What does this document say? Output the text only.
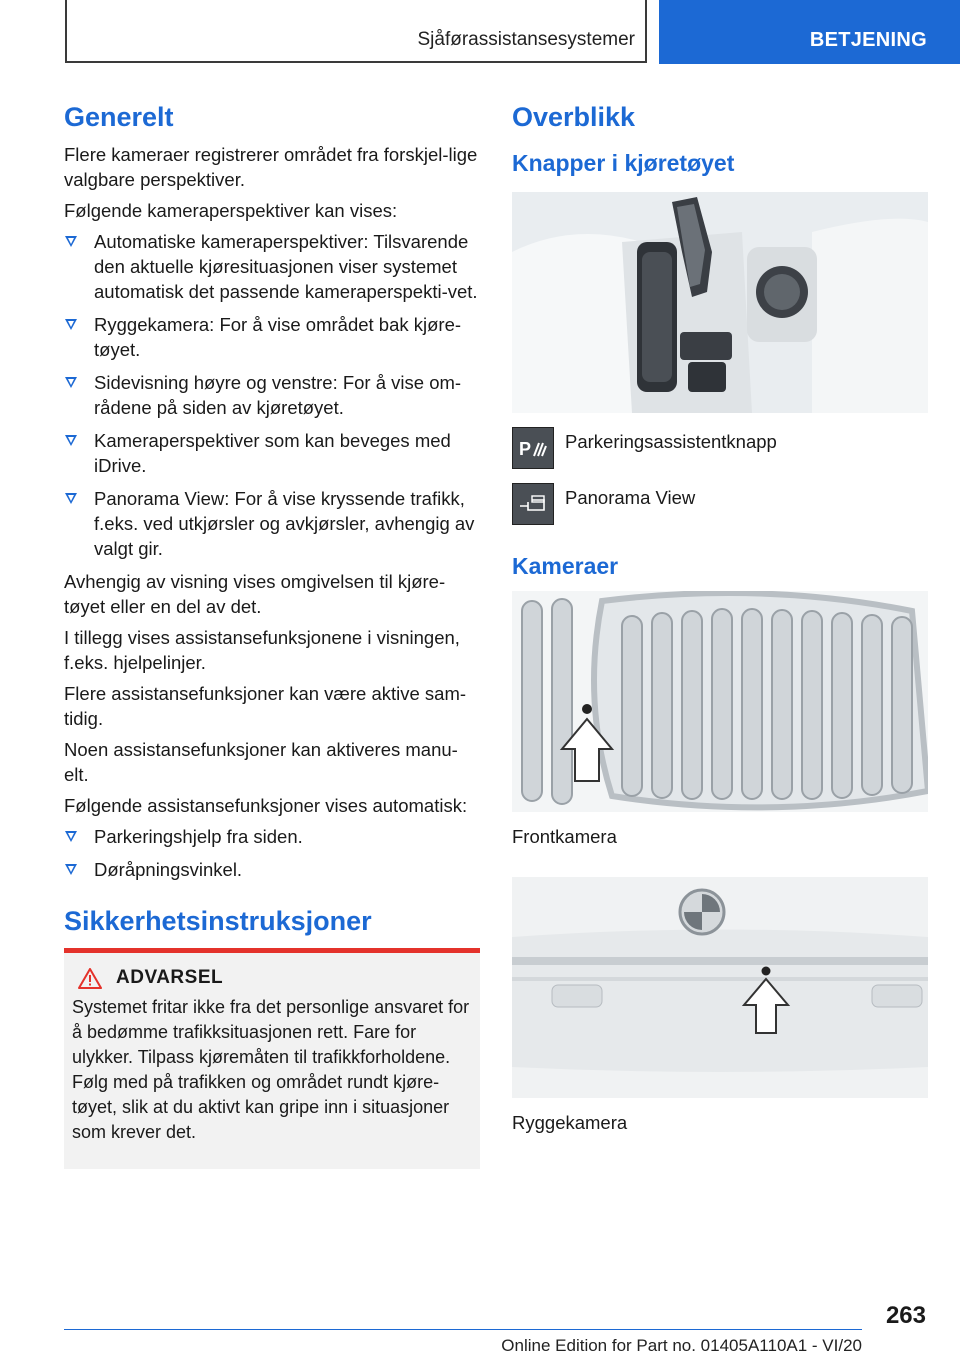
Sjåførassistansesystemer	BETJENING
Generelt

Flere kameraer registrerer området fra forskjel-lige valgbare perspektiver.

Følgende kameraperspektiver kan vises:

Automatiske kameraperspektiver: Tilsvarende den aktuelle kjøresituasjonen viser systemet automatisk det passende kameraperspekti-vet.
Ryggekamera: For å vise området bak kjøre-tøyet.
Sidevisning høyre og venstre: For å vise om-rådene på siden av kjøretøyet.
Kameraperspektiver som kan beveges med iDrive.
Panorama View: For å vise kryssende trafikk, f.eks. ved utkjørsler og avkjørsler, avhengig av valgt gir.

Avhengig av visning vises omgivelsen til kjøre-tøyet eller en del av det.

I tillegg vises assistansefunksjonene i visningen, f.eks. hjelpelinjer.

Flere assistansefunksjoner kan være aktive sam-tidig.

Noen assistansefunksjoner kan aktiveres manu-elt.

Følgende assistansefunksjoner vises automatisk:

Parkeringshjelp fra siden.
Døråpningsvinkel.
Sikkerhetsinstruksjoner
ADVARSEL

Systemet fritar ikke fra det personlige ansvaret for å bedømme trafikksituasjonen rett. Fare for ulykker. Tilpass kjøremåten til trafikkforholdene. Følg med på trafikken og området rundt kjøre-tøyet, slik at du aktivt kan gripe inn i situasjoner som krever det.

Overblikk
Knapper i kjøretøyet
P Parkeringsassistentknapp
Panorama View
Kameraer
Frontkamera
Ryggekamera
263
Online Edition for Part no. 01405A110A1 - VI/20
